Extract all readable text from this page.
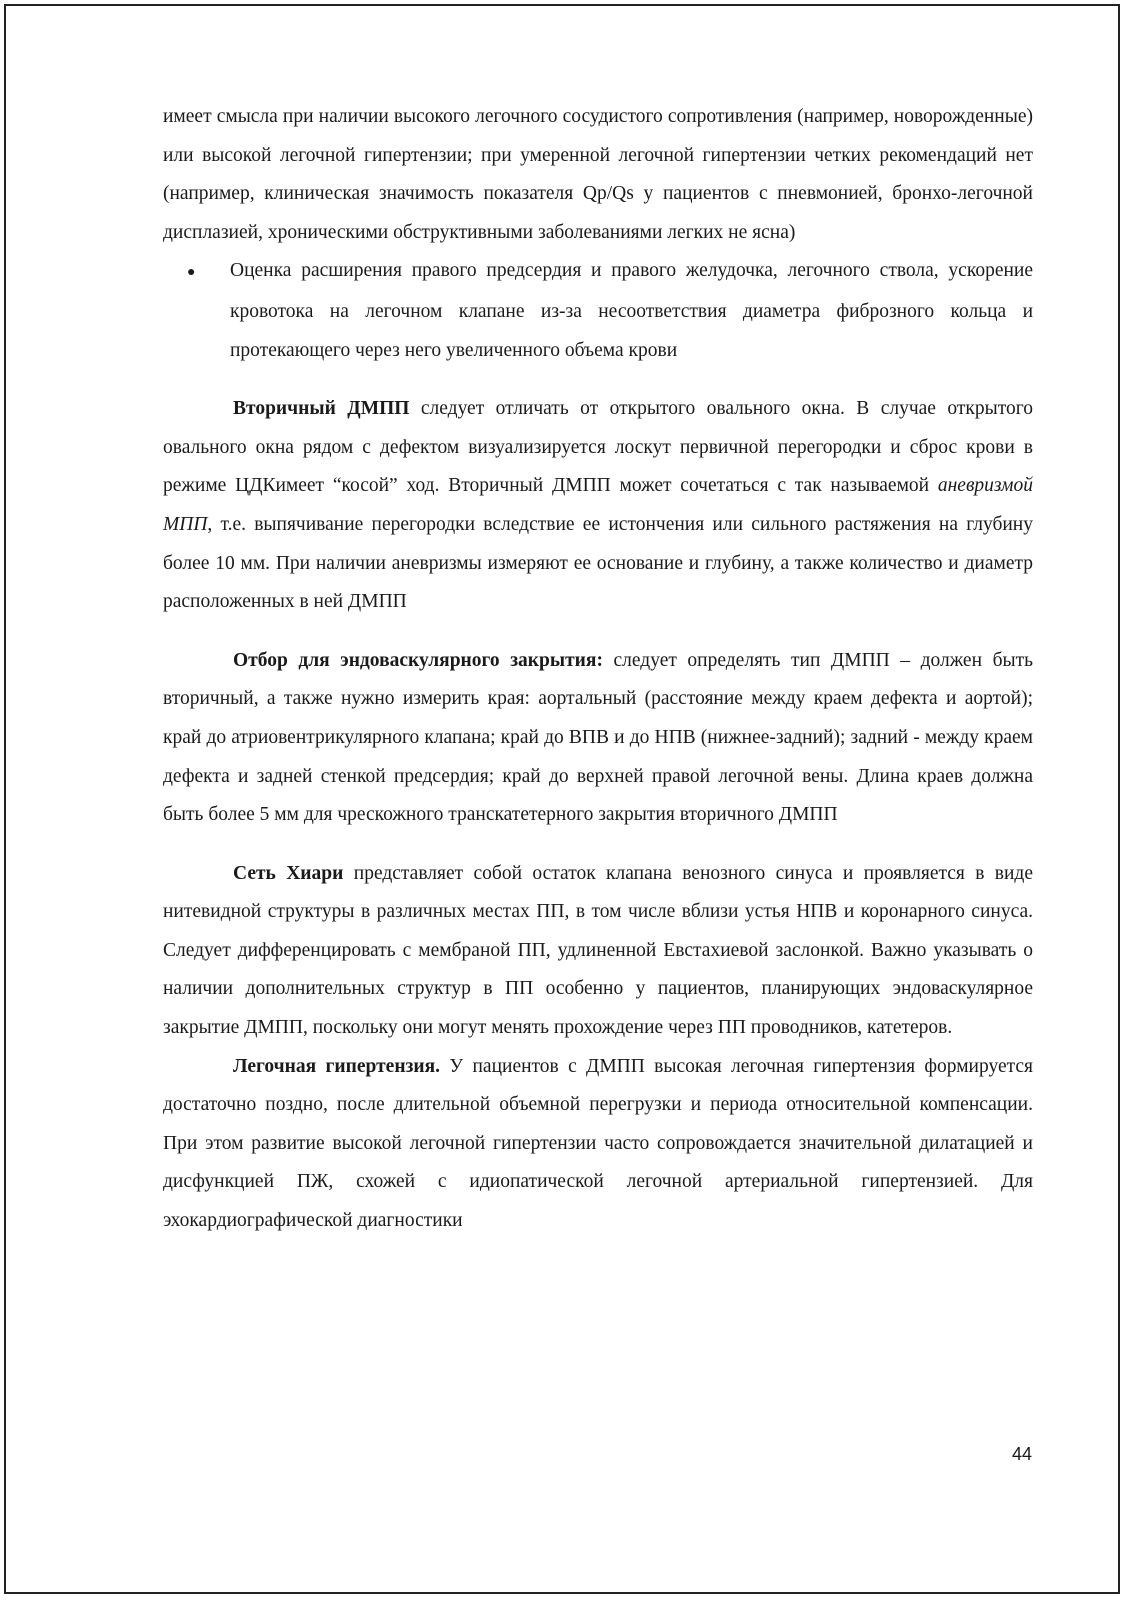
имеет смысла при наличии высокого легочного сосудистого сопротивления (например, новорожденные) или высокой легочной гипертензии; при умеренной легочной гипертензии четких рекомендаций нет (например, клиническая значимость показателя Qp/Qs у пациентов с пневмонией, бронхо-легочной дисплазией, хроническими обструктивными заболеваниями легких не ясна)

● Оценка расширения правого предсердия и правого желудочка, легочного ствола, ускорение кровотока на легочном клапане из-за несоответствия диаметра фиброзного кольца и протекающего через него увеличенного объема крови

Вторичный ДМПП следует отличать от открытого овального окна. В случае открытого овального окна рядом с дефектом визуализируется лоскут первичной перегородки и сброс крови в режиме ЦДКимеет “косой” ход. Вторичный ДМПП может сочетаться с так называемой аневризмой МПП, т.е. выпячивание перегородки вследствие ее истончения или сильного растяжения на глубину более 10 мм. При наличии аневризмы измеряют ее основание и глубину, а также количество и диаметр расположенных в ней ДМПП

Отбор для эндоваскулярного закрытия: следует определять тип ДМПП – должен быть вторичный, а также нужно измерить края: аортальный (расстояние между краем дефекта и аортой); край до атриовентрикулярного клапана; край до ВПВ и до НПВ (нижнее-задний); задний - между краем дефекта и задней стенкой предсердия; край до верхней правой легочной вены. Длина краев должна быть более 5 мм для чрескожного транскатетерного закрытия вторичного ДМПП

Сеть Хиари представляет собой остаток клапана венозного синуса и проявляется в виде нитевидной структуры в различных местах ПП, в том числе вблизи устья НПВ и коронарного синуса. Следует дифференцировать с мембраной ПП, удлиненной Евстахиевой заслонкой. Важно указывать о наличии дополнительных структур в ПП особенно у пациентов, планирующих эндоваскулярное закрытие ДМПП, поскольку они могут менять прохождение через ПП проводников, катетеров.

Легочная гипертензия. У пациентов с ДМПП высокая легочная гипертензия формируется достаточно поздно, после длительной объемной перегрузки и периода относительной компенсации. При этом развитие высокой легочной гипертензии часто сопровождается значительной дилатацией и дисфункцией ПЖ, схожей с идиопатической легочной артериальной гипертензией. Для эхокардиографической диагностики

44
